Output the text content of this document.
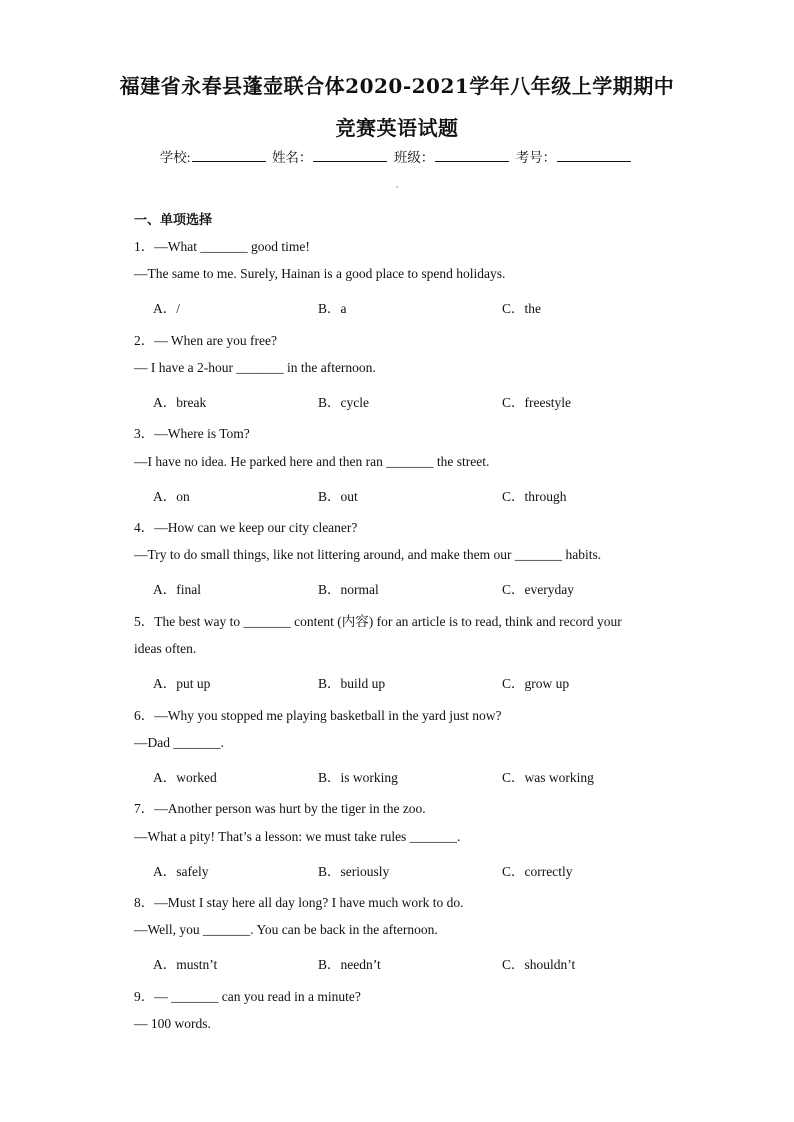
福建省永春县蓬壶联合体2020-2021学年八年级上学期期中
竞赛英语试题
学校:	姓名：	班级：	考号：
一、单项选择
1．—What _______ good time!
—The same to me. Surely, Hainan is a good place to spend holidays.
A．/	B．a	C．the
2．— When are you free?
— I have a 2-hour _______ in the afternoon.
A．break	B．cycle	C．freestyle
3．—Where is Tom?
—I have no idea. He parked here and then ran _______ the street.
A．on	B．out	C．through
4．—How can we keep our city cleaner?
—Try to do small things, like not littering around, and make them our _______ habits.
A．final	B．normal	C．everyday
5．The best way to _______ content (内容) for an article is to read, think and record your
ideas often.
A．put up	B．build up	C．grow up
6．—Why you stopped me playing basketball in the yard just now?
—Dad _______.
A．worked	B．is working	C．was working
7．—Another person was hurt by the tiger in the zoo.
—What a pity! That’s a lesson: we must take rules _______.
A．safely	B．seriously	C．correctly
8．—Must I stay here all day long? I have much work to do.
—Well, you _______. You can be back in the afternoon.
A．mustn’t	B．needn’t	C．shouldn’t
9．— _______ can you read in a minute?
— 100 words.
